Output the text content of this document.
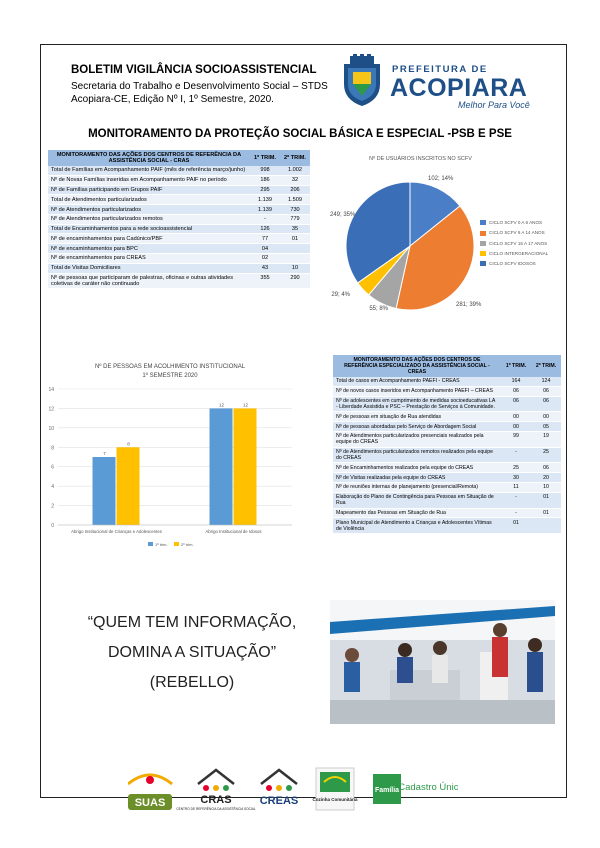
BOLETIM VIGILÂNCIA SOCIOASSISTENCIAL
Secretaria do Trabalho e Desenvolvimento Social – STDS
Acopiara-CE, Edição Nº I, 1º Semestre, 2020.
PREFEITURA DE
ACOPIARA
Melhor Para Você
MONITORAMENTO DA PROTEÇÃO SOCIAL BÁSICA E ESPECIAL -PSB E PSE
MONITORAMENTO DAS AÇÕES DOS CENTROS DE REFERÊNCIA DA ASSISTÊNCIA SOCIAL - CRAS	1º TRIM.	2º TRIM.
Total de Famílias em Acompanhamento PAIF (mês de referência março/junho)	998	1.002
Nº de Novas Famílias inseridas em Acompanhamento PAIF no período	186	32
Nº de Famílias participando em Grupos PAIF	295	206
Total de Atendimentos particularizados	1.139	1.509
Nº de Atendimentos particularizados	1.139	730
Nº de Atendimentos particularizados remotos	-	779
Total de Encaminhamentos para a rede socioassistencial	126	35
Nº de encaminhamentos para Cadúnico/PBF	77	01
Nº de encaminhamentos para BPC	04	
Nº de encaminhamentos para CREAS	02	
Total de Visitas Domiciliares	43	10
Nº de pessoas que participaram de palestras, oficinas e outras atividades coletivas de caráter não continuado	355	290
Nº DE USUÁRIOS INSCRITOS NO SCFV
102; 14%
281; 39%
55; 8%
29; 4%
249; 35%
CICLO SCFV 0 A 6 ANOS
CICLO SCFV 6 A 14 ANOS
CICLO SCFV 15 A 17 ANOS
CICLO INTERGERACIONAL
CICLO SCFV IDOSOS
Nº DE PESSOAS EM ACOLHIMENTO INSTITUCIONAL
1º SEMESTRE 2020
0
2
4
6
8
10
12
14
7
8
Abrigo Institucional de Crianças e Adolescentes
12	12
Abrigo Institucional de Idosos
1º trim.	2º trim.
MONITORAMENTO DAS AÇÕES DOS CENTROS DE REFERÊNCIA ESPECIALIZADO DA ASSISTÊNCIA SOCIAL - CREAS	1º TRIM.	2º TRIM.
Total de casos em Acompanhamento PAEFI - CREAS	164	124
Nº de novos casos inseridos em Acompanhamento PAEFI – CREAS	06	06
Nº de adolescentes em cumprimento de medidas socioeducativas LA - Liberdade Assistida e PSC – Prestação de Serviços à Comunidade.	06	06
Nº de pessoas em situação de Rua atendidas	00	00
Nº de pessoas abordadas pelo Serviço de Abordagem Social	00	05
Nº de Atendimentos particularizados presenciais realizados pela equipe do CREAS	99	19
Nº de Atendimentos particularizados remotos realizados pela equipe do CREAS	-	25
Nº de Encaminhamentos realizados pela equipe do CREAS	25	06
Nº de Visitas realizadas pela equipe do CREAS	30	20
Nº de reuniões internas de planejamento (presencial/Remota)	11	10
Elaboração do Plano de Contingência para Pessoas em Situação de Rua	-	01
Mapeamento das Pessoas em Situação de Rua	-	01
Plano Municipal de Atendimento a Crianças e Adolescentes Vítimas de Violência	01	
“QUEM TEM INFORMAÇÃO,
DOMINA A SITUAÇÃO”
(REBELLO)
SUAS	CRAS
CENTRO DE REFERÊNCIA DA ASSISTÊNCIA SOCIAL
CREAS	Cozinha Comunitária
Família Cadastro Único
